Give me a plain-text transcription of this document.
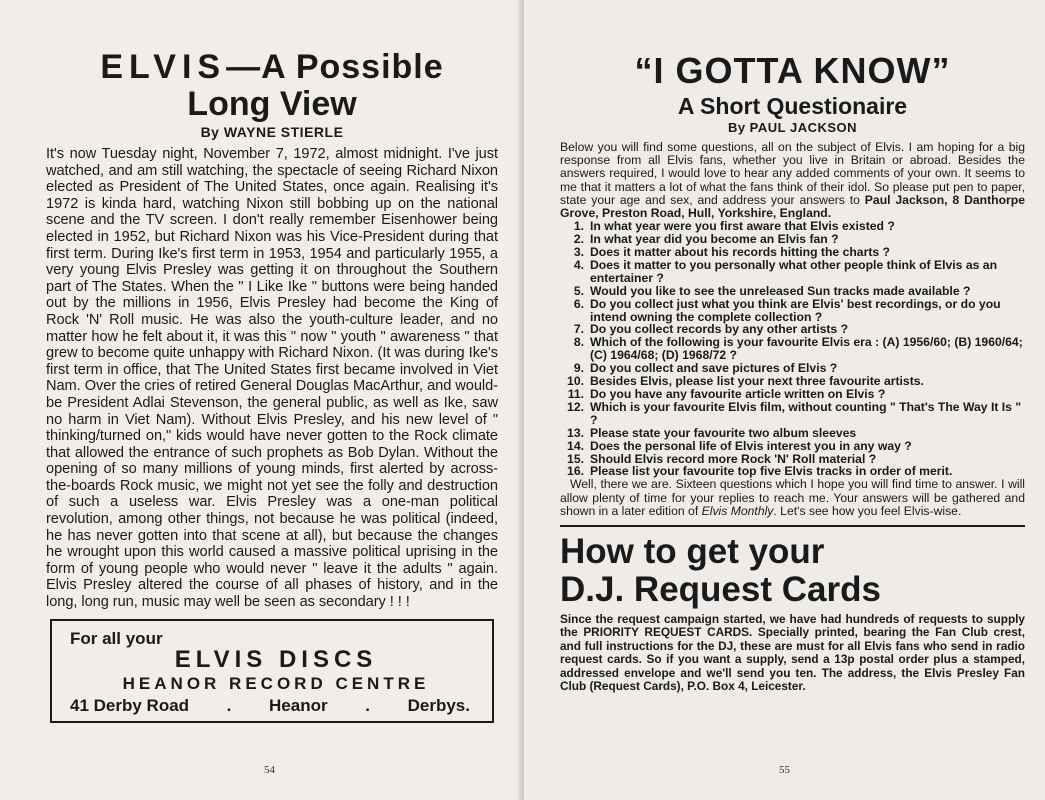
ELVIS—A Possible
Long View

By WAYNE STIERLE

It's now Tuesday night, November 7, 1972, almost midnight. I've just watched, and am still watching, the spectacle of seeing Richard Nixon elected as President of The United States, once again. Realising it's 1972 is kinda hard, watching Nixon still bobbing up on the national scene and the TV screen. I don't really remember Eisenhower being elected in 1952, but Richard Nixon was his Vice-President during that first term. During Ike's first term in 1953, 1954 and particularly 1955, a very young Elvis Presley was getting it on throughout the Southern part of The States. When the " I Like Ike " buttons were being handed out by the millions in 1956, Elvis Presley had become the King of Rock 'N' Roll music. He was also the youth-culture leader, and no matter how he felt about it, it was this " now " youth " awareness " that grew to become quite unhappy with Richard Nixon. (It was during Ike's first term in office, that The United States first became involved in Viet Nam. Over the cries of retired General Douglas MacArthur, and would-be President Adlai Stevenson, the general public, as well as Ike, saw no harm in Viet Nam). Without Elvis Presley, and his new level of " thinking/turned on," kids would have never gotten to the Rock climate that allowed the entrance of such prophets as Bob Dylan. Without the opening of so many millions of young minds, first alerted by across-the-boards Rock music, we might not yet see the folly and destruction of such a useless war. Elvis Presley was a one-man political revolution, among other things, not because he was political (indeed, he has never gotten into that scene at all), but because the changes he wrought upon this world caused a massive political uprising in the form of young people who would never " leave it the adults " again. Elvis Presley altered the course of all phases of history, and in the long, long run, music may well be seen as secondary ! ! !

For all your

ELVIS DISCS

HEANOR RECORD CENTRE

41 Derby Road . Heanor . Derbys.

54
“I GOTTA KNOW”
A Short Questionaire

By PAUL JACKSON

Below you will find some questions, all on the subject of Elvis. I am hoping for a big response from all Elvis fans, whether you live in Britain or abroad. Besides the answers required, I would love to hear any added comments of your own. It seems to me that it matters a lot of what the fans think of their idol. So please put pen to paper, state your age and sex, and address your answers to Paul Jackson, 8 Danthorpe Grove, Preston Road, Hull, Yorkshire, England.

1. In what year were you first aware that Elvis existed ?
2. In what year did you become an Elvis fan ?
3. Does it matter about his records hitting the charts ?
4. Does it matter to you personally what other people think of Elvis as an entertainer ?
5. Would you like to see the unreleased Sun tracks made available ?
6. Do you collect just what you think are Elvis' best recordings, or do you intend owning the complete collection ?
7. Do you collect records by any other artists ?
8. Which of the following is your favourite Elvis era : (A) 1956/60; (B) 1960/64; (C) 1964/68; (D) 1968/72 ?
9. Do you collect and save pictures of Elvis ?
10. Besides Elvis, please list your next three favourite artists.
11. Do you have any favourite article written on Elvis ?
12. Which is your favourite Elvis film, without counting " That's The Way It Is " ?
13. Please state your favourite two album sleeves
14. Does the personal life of Elvis interest you in any way ?
15. Should Elvis record more Rock 'N' Roll material ?
16. Please list your favourite top five Elvis tracks in order of merit.

Well, there we are. Sixteen questions which I hope you will find time to answer. I will allow plenty of time for your replies to reach me. Your answers will be gathered and shown in a later edition of Elvis Monthly. Let's see how you feel Elvis-wise.

How to get your
D.J. Request Cards

Since the request campaign started, we have had hundreds of requests to supply the PRIORITY REQUEST CARDS. Specially printed, bearing the Fan Club crest, and full instructions for the DJ, these are must for all Elvis fans who send in radio request cards. So if you want a supply, send a 13p postal order plus a stamped, addressed envelope and we'll send you ten. The address, the Elvis Presley Fan Club (Request Cards), P.O. Box 4, Leicester.

55
